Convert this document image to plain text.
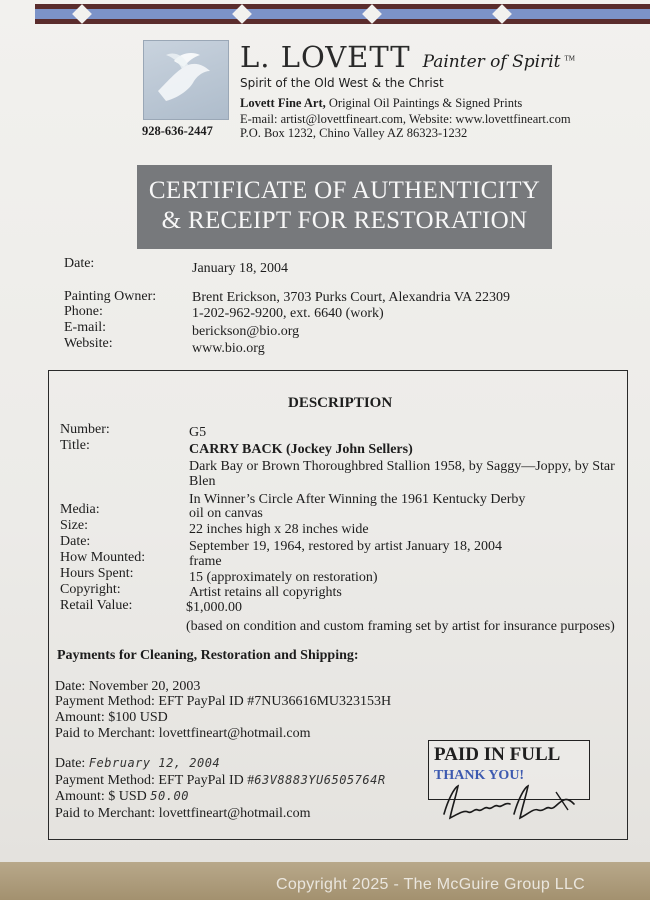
L. LOVETT Painter of Spirit ™
Spirit of the Old West & the Christ
Lovett Fine Art, Original Oil Paintings & Signed Prints
E-mail: artist@lovettfineart.com, Website: www.lovettfineart.com
P.O. Box 1232, Chino Valley AZ 86323-1232
928-636-2447
CERTIFICATE OF AUTHENTICITY
& RECEIPT FOR RESTORATION
Date:	January 18, 2004
Painting Owner:	Brent Erickson, 3703 Purks Court, Alexandria VA 22309
Phone:	1-202-962-9200, ext. 6640 (work)
E-mail:	berickson@bio.org
Website:	www.bio.org
DESCRIPTION
Number:	G5
Title:	CARRY BACK (Jockey John Sellers)
Dark Bay or Brown Thoroughbred Stallion 1958, by Saggy—Joppy, by Star
Blen
In Winner’s Circle After Winning the 1961 Kentucky Derby
Media:	oil on canvas
Size:	22 inches high x 28 inches wide
Date:	September 19, 1964, restored by artist January 18, 2004
How Mounted:	frame
Hours Spent:	15 (approximately on restoration)
Copyright:	Artist retains all copyrights
Retail Value:	$1,000.00
(based on condition and custom framing set by artist for insurance purposes)
Payments for Cleaning, Restoration and Shipping:
Date: November 20, 2003
Payment Method: EFT PayPal ID #7NU36616MU323153H
Amount: $100 USD
Paid to Merchant: lovettfineart@hotmail.com
Date: February 12, 2004
Payment Method: EFT PayPal ID #63V8883YU6505764R
Amount: $ USD 50.00
Paid to Merchant: lovettfineart@hotmail.com
PAID IN FULL
THANK YOU!
Copyright 2025 - The McGuire Group LLC
